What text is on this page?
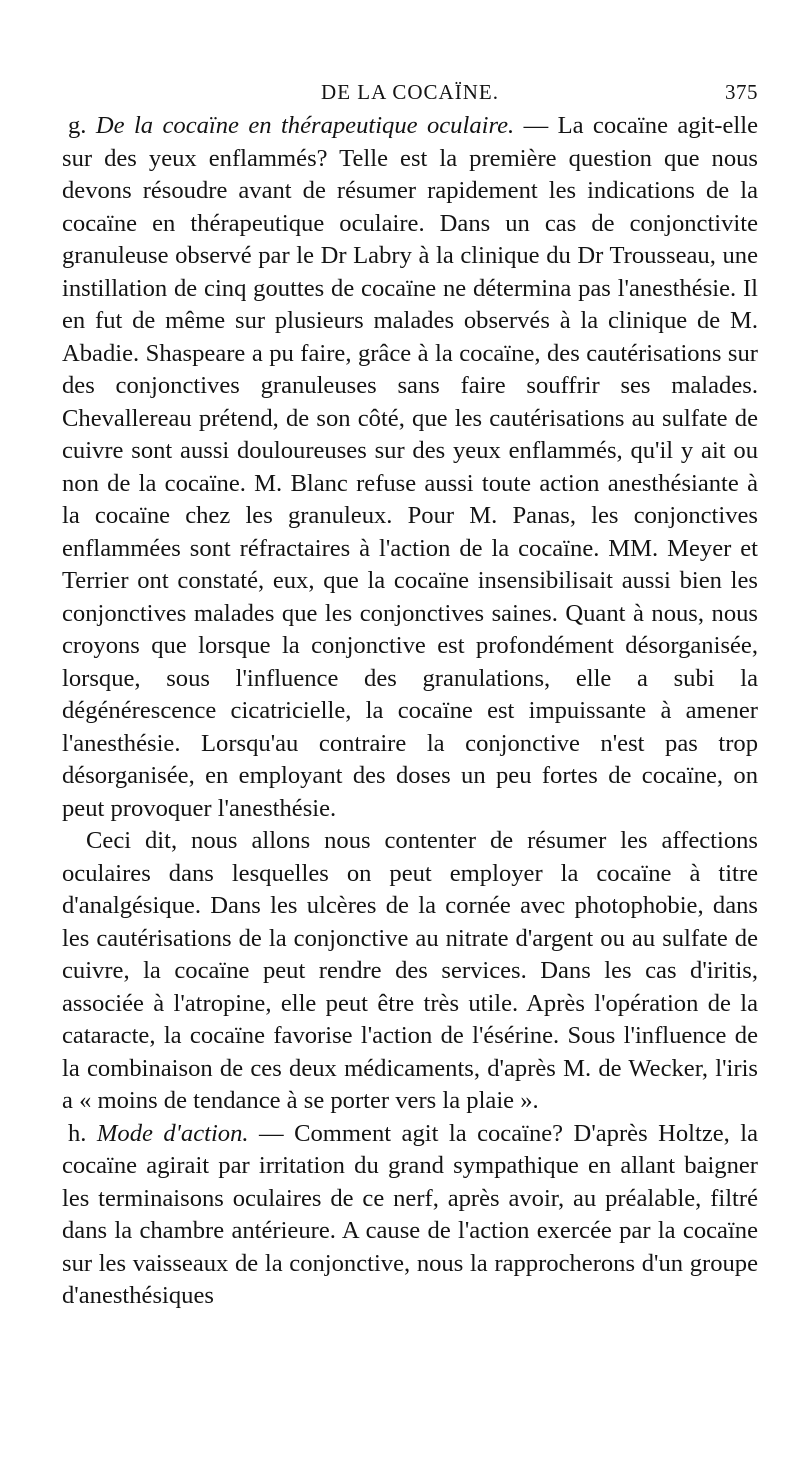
DE LA COCAÏNE.	375

g. De la cocaïne en thérapeutique oculaire. — La cocaïne agit-elle sur des yeux enflammés? Telle est la première question que nous devons résoudre avant de résumer rapidement les indications de la cocaïne en thérapeutique oculaire. Dans un cas de conjonctivite granuleuse observé par le Dr Labry à la clinique du Dr Trousseau, une instillation de cinq gouttes de cocaïne ne détermina pas l'anesthésie. Il en fut de même sur plusieurs malades observés à la clinique de M. Abadie. Shaspeare a pu faire, grâce à la cocaïne, des cautérisations sur des conjonctives granuleuses sans faire souffrir ses malades. Chevallereau prétend, de son côté, que les cautérisations au sulfate de cuivre sont aussi douloureuses sur des yeux enflammés, qu'il y ait ou non de la cocaïne. M. Blanc refuse aussi toute action anesthésiante à la cocaïne chez les granuleux. Pour M. Panas, les conjonctives enflammées sont réfractaires à l'action de la cocaïne. MM. Meyer et Terrier ont constaté, eux, que la cocaïne insensibilisait aussi bien les conjonctives malades que les conjonctives saines. Quant à nous, nous croyons que lorsque la conjonctive est profondément désorganisée, lorsque, sous l'influence des granulations, elle a subi la dégénérescence cicatricielle, la cocaïne est impuissante à amener l'anesthésie. Lorsqu'au contraire la conjonctive n'est pas trop désorganisée, en employant des doses un peu fortes de cocaïne, on peut provoquer l'anesthésie.

Ceci dit, nous allons nous contenter de résumer les affections oculaires dans lesquelles on peut employer la cocaïne à titre d'analgésique. Dans les ulcères de la cornée avec photophobie, dans les cautérisations de la conjonctive au nitrate d'argent ou au sulfate de cuivre, la cocaïne peut rendre des services. Dans les cas d'iritis, associée à l'atropine, elle peut être très utile. Après l'opération de la cataracte, la cocaïne favorise l'action de l'ésérine. Sous l'influence de la combinaison de ces deux médicaments, d'après M. de Wecker, l'iris a « moins de tendance à se porter vers la plaie ».

h. Mode d'action. — Comment agit la cocaïne? D'après Holtze, la cocaïne agirait par irritation du grand sympathique en allant baigner les terminaisons oculaires de ce nerf, après avoir, au préalable, filtré dans la chambre antérieure. A cause de l'action exercée par la cocaïne sur les vaisseaux de la conjonctive, nous la rapprocherons d'un groupe d'anesthésiques
